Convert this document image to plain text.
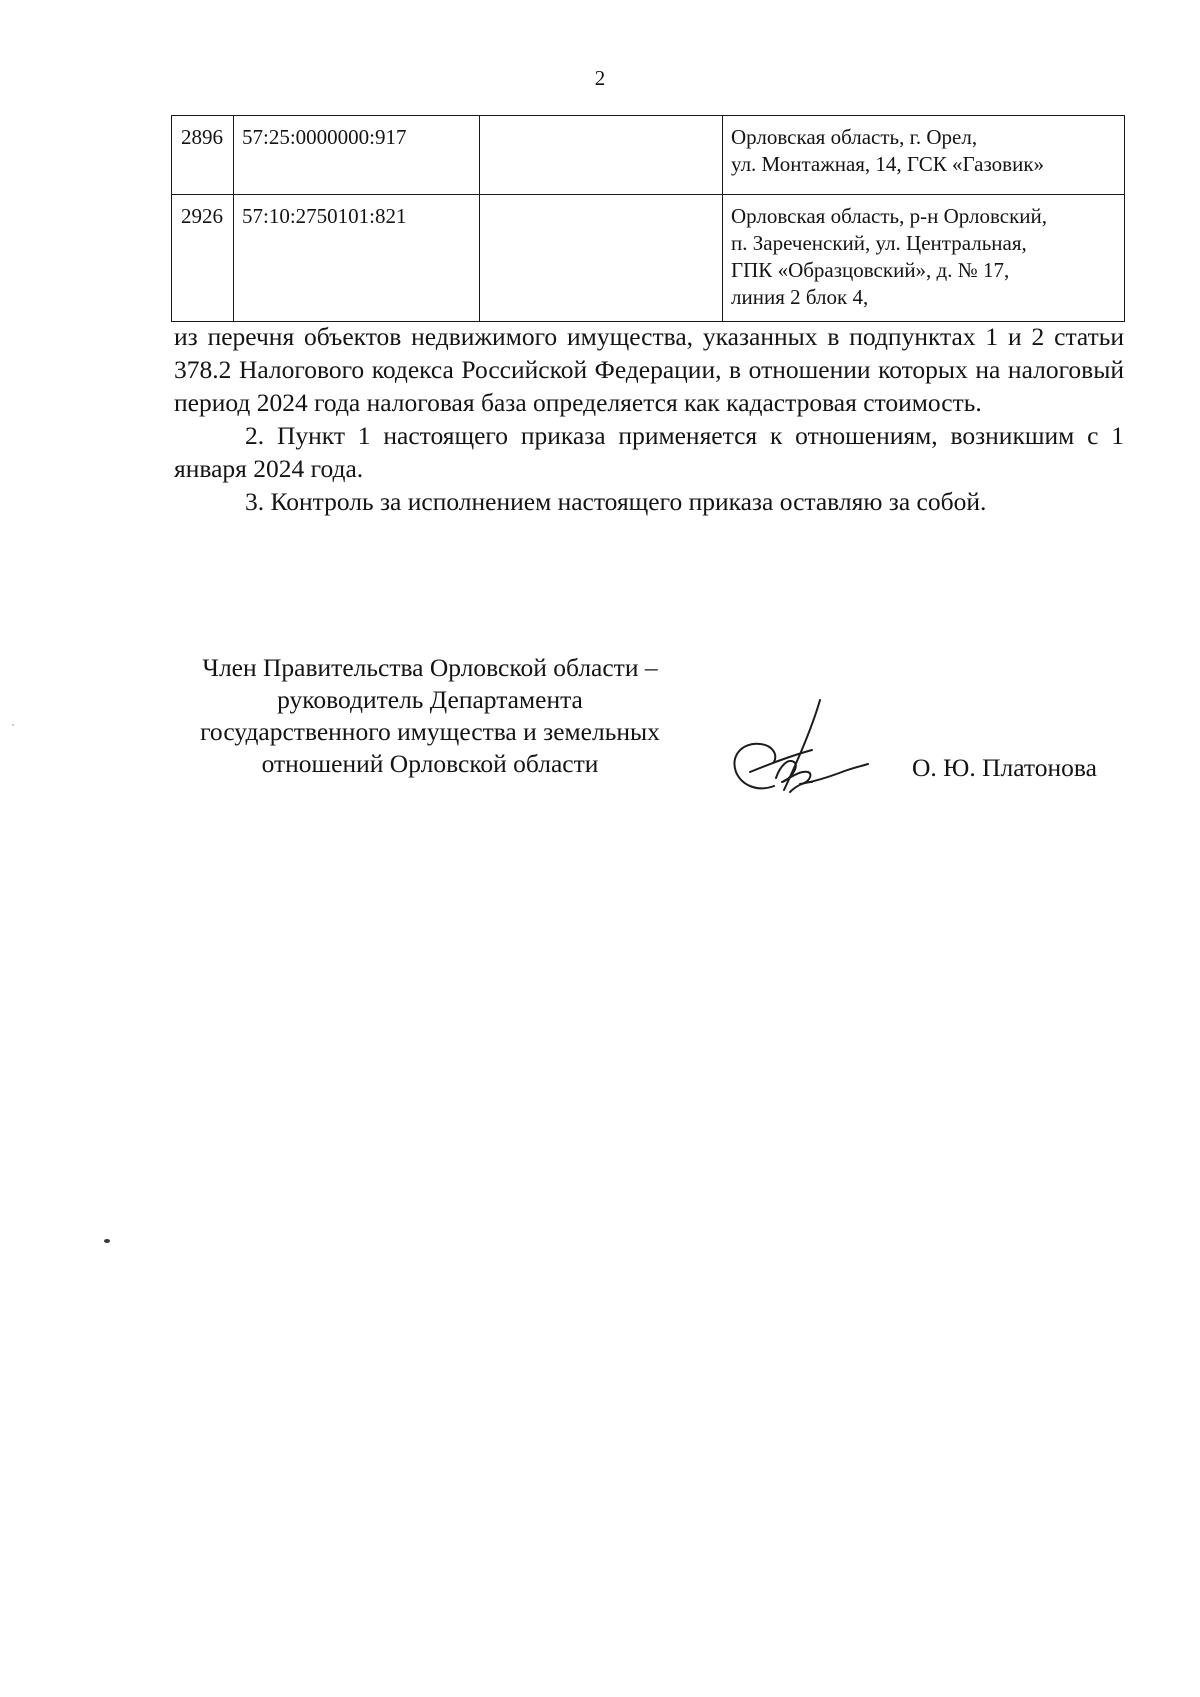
2
2896	57:25:0000000:917		Орловская область, г. Орел,
ул. Монтажная, 14, ГСК «Газовик»

2926	57:10:2750101:821		Орловская область, р-н Орловский,
п. Зареченский, ул. Центральная,
ГПК «Образцовский», д. № 17,
линия 2 блок 4,

из перечня объектов недвижимого имущества, указанных в подпунктах 1 и 2 статьи 378.2 Налогового кодекса Российской Федерации, в отношении которых на налоговый период 2024 года налоговая база определяется как кадастровая стоимость.

2. Пункт 1 настоящего приказа применяется к отношениям, возникшим с 1 января 2024 года.

3. Контроль за исполнением настоящего приказа оставляю за собой.

Член Правительства Орловской области –
руководитель Департамента
государственного имущества и земельных
отношений Орловской области	О. Ю. Платонова
